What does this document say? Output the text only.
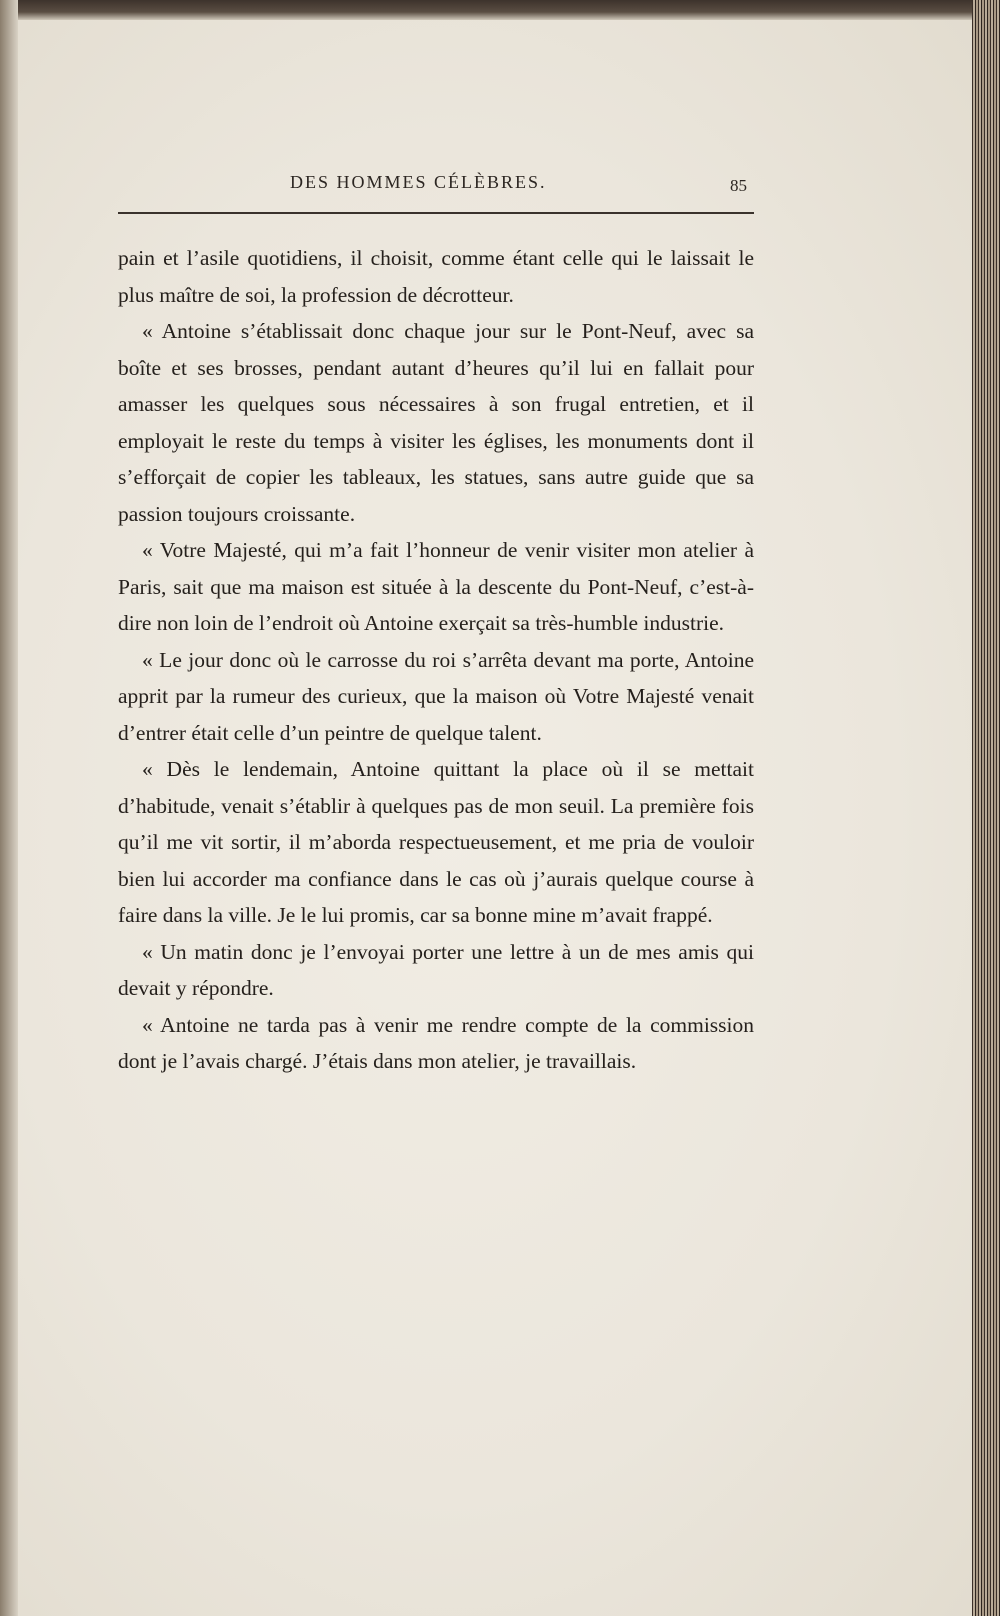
DES HOMMES CÉLÈBRES.	85

pain et l’asile quotidiens, il choisit, comme étant celle qui le laissait le plus maître de soi, la profession de décrotteur.

« Antoine s’établissait donc chaque jour sur le Pont-Neuf, avec sa boîte et ses brosses, pendant autant d’heures qu’il lui en fallait pour amasser les quelques sous nécessaires à son frugal entretien, et il employait le reste du temps à visiter les églises, les monuments dont il s’efforçait de copier les tableaux, les statues, sans autre guide que sa passion toujours croissante.

« Votre Majesté, qui m’a fait l’honneur de venir visiter mon atelier à Paris, sait que ma maison est située à la descente du Pont-Neuf, c’est-à-dire non loin de l’endroit où Antoine exerçait sa très-humble industrie.

« Le jour donc où le carrosse du roi s’arrêta devant ma porte, Antoine apprit par la rumeur des curieux, que la maison où Votre Majesté venait d’entrer était celle d’un peintre de quelque talent.

« Dès le lendemain, Antoine quittant la place où il se mettait d’habitude, venait s’établir à quelques pas de mon seuil. La première fois qu’il me vit sortir, il m’aborda respectueusement, et me pria de vouloir bien lui accorder ma confiance dans le cas où j’aurais quelque course à faire dans la ville. Je le lui promis, car sa bonne mine m’avait frappé.

« Un matin donc je l’envoyai porter une lettre à un de mes amis qui devait y répondre.

« Antoine ne tarda pas à venir me rendre compte de la commission dont je l’avais chargé. J’étais dans mon atelier, je travaillais.
